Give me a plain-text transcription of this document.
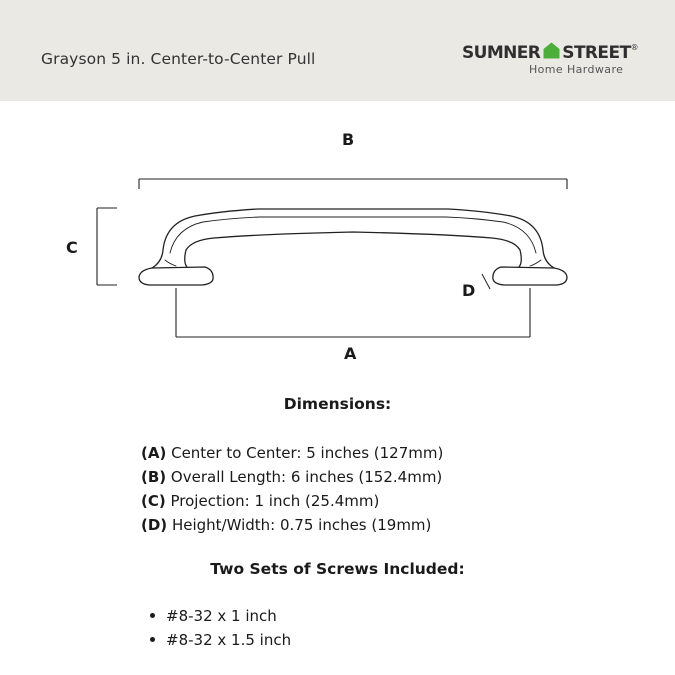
Grayson 5 in. Center-to-Center Pull	SUMNER STREET®
Home Hardware
B
C
D
A
Dimensions:
(A) Center to Center: 5 inches (127mm)
(B) Overall Length: 6 inches (152.4mm)
(C) Projection: 1 inch (25.4mm)
(D) Height/Width: 0.75 inches (19mm)
Two Sets of Screws Included:
#8-32 x 1 inch
#8-32 x 1.5 inch
